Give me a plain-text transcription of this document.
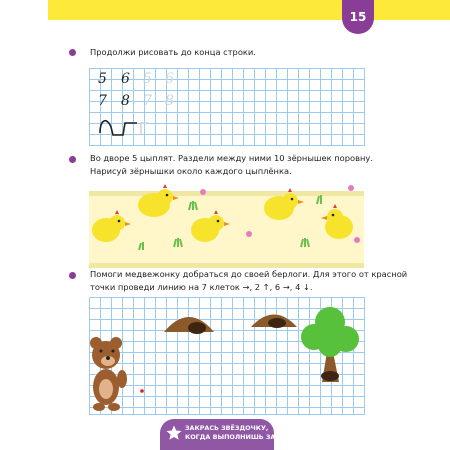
15
Продолжи рисовать до конца строки.
5 6 5 6
7 8 7 8
Во дворе 5 цыплят. Раздели между ними 10 зёрнышек поровну.
Нарисуй зёрнышки около каждого цыплёнка.
Помоги медвежонку добраться до своей берлоги. Для этого от красной
точки проведи линию на 7 клеток →, 2 ↑, 6 →, 4 ↓.
ЗАКРАСЬ ЗВЁЗДОЧКУ,
КОГДА ВЫПОЛНИШЬ ЗАДАНИЯ.
